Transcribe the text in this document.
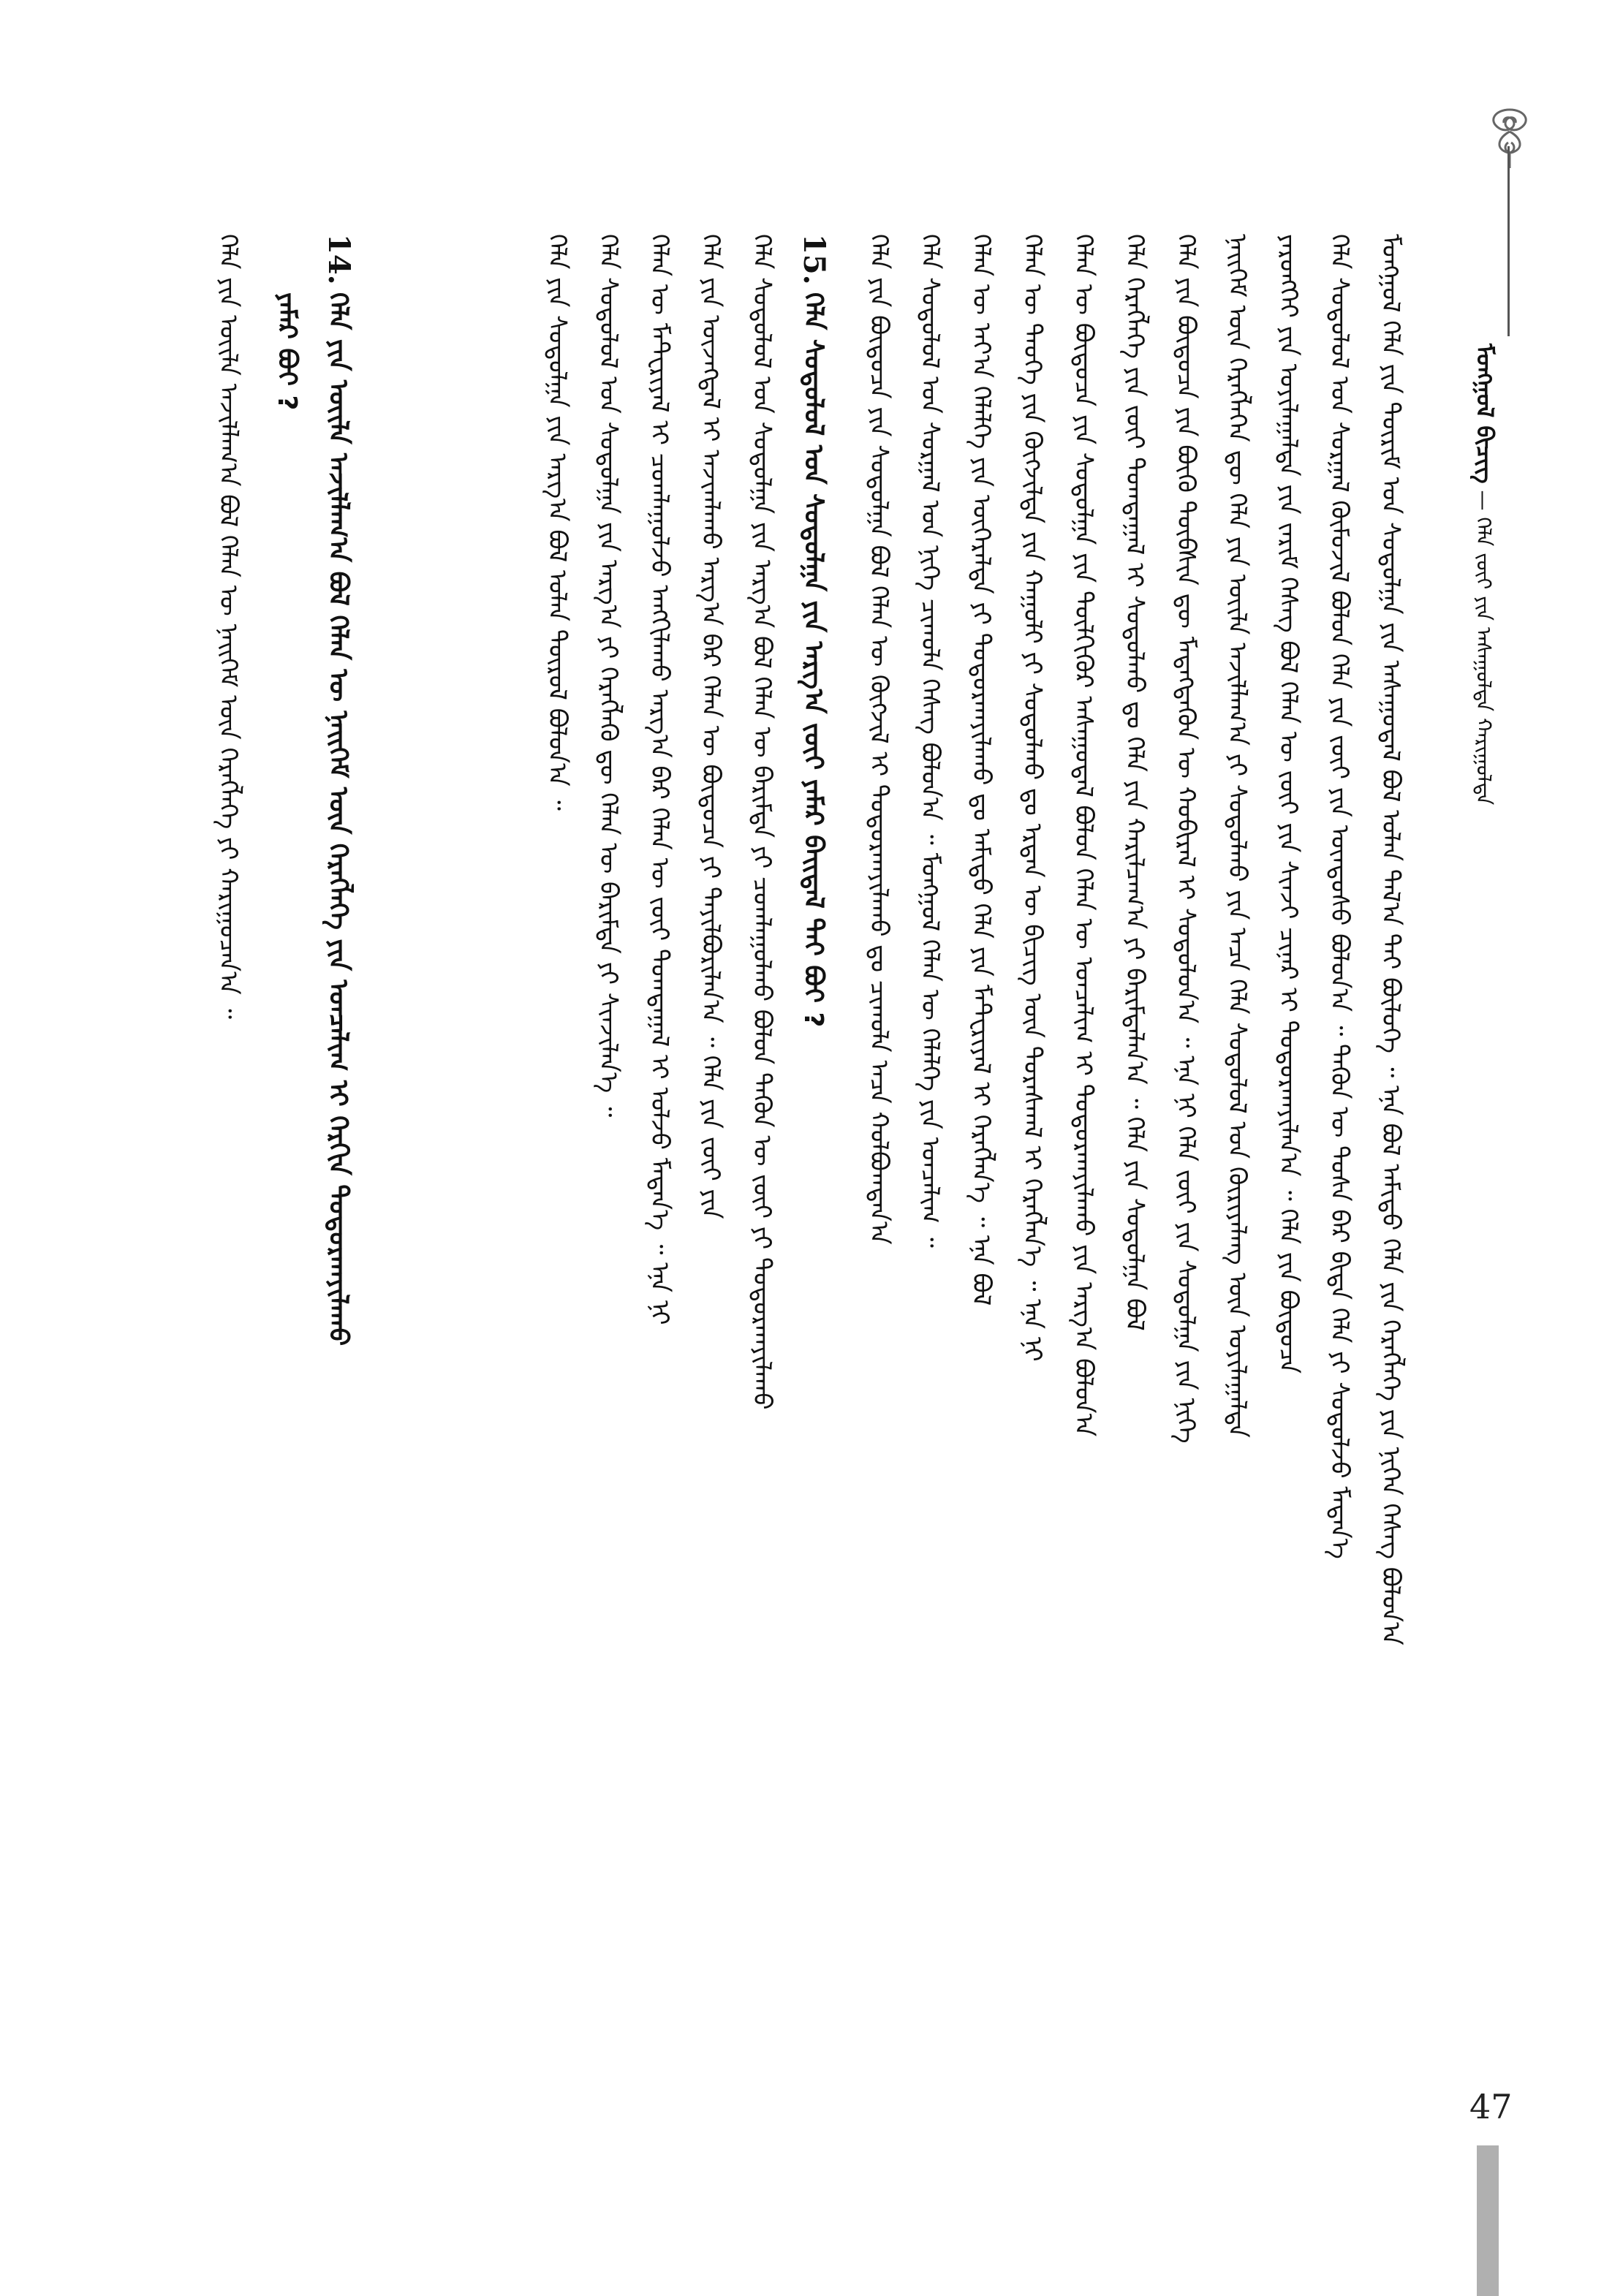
ᠮᠣᠩᠭᠣᠯ ᠪᠢᠴᠢᠭ᠌ — ᠬᠡᠯᠡ ᠵᠦᠢ ᠶᠢᠨ ᠠᠰᠠᠭᠤᠯᠲᠠ ᠬᠠᠷᠢᠭᠤᠯᠲᠠ
ᠮᠣᠩᠭᠣᠯ ᠬᠡᠯᠡ ᠶᠢᠨ ᠳᠦᠷᠢᠮ ᠤᠨ ᠰᠤᠳᠤᠯᠭᠠ ᠶᠢᠨ ᠠᠰᠠᠭᠤᠳᠠᠯ ᠪᠣᠯ ᠣᠯᠠᠨ ᠲᠠᠯ᠎ᠠ ᠲᠠᠢ ᠪᠦᠯᠦᠭᠡ ᠃ ᠡᠨᠡ ᠪᠣᠯ ᠠᠮᠢᠳᠤ ᠬᠡᠯᠡ ᠶᠢᠨ ᠬᠡᠷᠡᠭᠯᠡᠭᠡ ᠶᠢᠨ ᠨᠢᠭᠡᠨ ᠬᠡᠰᠡᠭ ᠪᠣᠯᠤᠨ᠎ᠠ
ᠬᠡᠯᠡ ᠰᠤᠳᠤᠯᠤᠯ ᠤᠨ ᠰᠤᠷᠭᠠᠯ ᠬᠦᠮᠦᠵᠢᠯ ᠪᠣᠯᠤᠨ ᠬᠡᠯᠡ ᠶᠢᠨ ᠵᠦᠢ ᠶᠢᠨ ᠦᠨᠳᠦᠰᠦ ᠪᠣᠯᠤᠨ᠎ᠠ ᠃ ᠲᠡᠭᠦᠨ ᠦ ᠲᠤᠰᠠ ᠪᠠᠷ ᠪᠢᠳᠡ ᠬᠡᠯᠡ ᠶᠢ ᠰᠤᠳᠤᠯᠵᠤ ᠮᠡᠳᠡᠨ᠎ᠡ
ᠶᠡᠷᠦᠩᠬᠡᠢ ᠶᠢᠨ ᠣᠶᠢᠯᠠᠭᠠᠯᠲᠠ ᠶᠢᠨ ᠵᠠᠷᠢᠮ ᠬᠡᠰᠡᠭ ᠪᠣᠯ ᠬᠡᠯᠡᠨ ᠦ ᠵᠦᠢ ᠶᠢᠨ ᠰᠢᠨᠵᠢ ᠴᠢᠨᠠᠷ ᠢ ᠲᠣᠳᠤᠷᠬᠠᠶᠢᠯᠠᠨ᠎ᠠ ᠃ ᠬᠡᠯᠡ ᠶᠢᠨ ᠪᠦᠲᠦᠴᠡ
ᠨᠡᠢᠭᠡᠮ ᠦᠨ ᠬᠡᠷᠡᠭᠯᠡᠭᠡᠨ ᠳᠦ ᠬᠡᠯᠡ ᠶᠢᠨ ᠦᠢᠯᠡ ᠠᠵᠢᠯᠯᠠᠭ᠎ᠠ ᠶᠢ ᠰᠤᠳᠤᠯᠬᠤ ᠶᠢᠨ ᠠᠴᠠ ᠬᠡᠯᠡ ᠰᠤᠳᠤᠯᠤᠯ ᠤᠨ ᠬᠦᠷᠢᠶᠡᠯᠡᠩ ᠦᠨ ᠣᠶᠢᠯᠠᠭᠠᠯᠲᠠ
ᠬᠡᠯᠡ ᠶᠢᠨ ᠪᠦᠲᠦᠴᠡ ᠶᠢᠨ ᠪᠦᠬᠦ ᠲᠦᠪᠰᠢᠨ ᠳᠦ ᠮᠡᠳᠡᠭᠳᠡᠬᠦᠨ ᠦ ᠬᠤᠪᠢᠷᠠᠯ ᠢ ᠰᠤᠳᠤᠯᠤᠨ᠎ᠠ ᠃ ᠡᠨᠡ ᠨᠢ ᠬᠡᠯᠡ ᠵᠦᠢ ᠶᠢᠨ ᠰᠤᠳᠤᠯᠭᠠ ᠶᠢᠨ ᠨᠢᠭᠡ
ᠬᠡᠯᠡ ᠬᠡᠷᠡᠭᠯᠡᠭᠡ ᠶᠢᠨ ᠵᠦᠢ ᠲᠣᠭᠲᠠᠭᠠᠯ ᠢ ᠰᠤᠳᠤᠯᠬᠤ ᠳᠤ ᠬᠡᠯᠡ ᠶᠢᠨ ᠬᠠᠷᠢᠯᠴᠠᠭ᠎ᠠ ᠶᠢ ᠪᠠᠷᠢᠮᠲᠠᠯᠠᠨ᠎ᠠ ᠃ ᠬᠡᠯᠡ ᠶᠢᠨ ᠰᠤᠳᠤᠯᠭᠠ ᠪᠣᠯ
ᠬᠡᠯᠡᠨ ᠦ ᠪᠦᠲᠦᠴᠡ ᠶᠢᠨ ᠰᠤᠳᠤᠯᠭᠠ ᠶᠢᠨ ᠲᠦᠯᠬᠢᠭᠦᠷ ᠠᠰᠠᠭᠤᠳᠠᠯ ᠪᠣᠯᠤᠨ ᠬᠡᠯᠡᠨ ᠦ ᠣᠨᠴᠠᠯᠢᠭ ᠢ ᠲᠣᠳᠤᠷᠬᠠᠶᠢᠯᠠᠬᠤ ᠶᠢᠨ ᠠᠷᠭ᠎ᠠ ᠪᠣᠯᠤᠨ᠎ᠠ
ᠬᠡᠯᠡᠨ ᠦ ᠲᠡᠦᠬᠡ ᠶᠢᠨ ᠬᠥᠭᠵᠢᠯᠲᠡ ᠶᠢᠨ ᠬᠠᠭᠤᠯᠢ ᠶᠢ ᠰᠤᠳᠤᠯᠬᠤ ᠳᠤ ᠡᠷᠲᠡᠨ ᠦ ᠪᠢᠴᠢᠭ ᠦᠨ ᠳᠤᠷᠠᠰᠬᠠᠯ ᠢ ᠬᠡᠷᠡᠭᠯᠡᠨ᠎ᠡ ᠃ ᠡᠨᠡ ᠨᠢ
ᠬᠡᠯᠡᠨ ᠦ ᠠᠶ᠎ᠠ ᠬᠡᠯᠡᠯᠭᠡ ᠶᠢᠨ ᠥᠭᠡᠷᠡᠯᠲᠡ ᠶᠢ ᠲᠣᠳᠤᠷᠬᠠᠶᠢᠯᠠᠬᠤ ᠳᠤ ᠠᠮᠢᠳᠤ ᠬᠡᠯᠡ ᠶᠢᠨ ᠮᠠᠲ᠋ᠸᠷᠢᠶᠠᠯ ᠢ ᠬᠡᠷᠡᠭᠯᠡᠨ᠎ᠡ ᠃ ᠡᠨᠡ ᠪᠣᠯ
ᠬᠡᠯᠡ ᠰᠤᠳᠤᠯᠤᠯ ᠤᠨ ᠰᠤᠷᠭᠠᠯ ᠤᠨ ᠨᠢᠭᠡ ᠴᠢᠬᠤᠯᠠ ᠬᠡᠰᠡᠭ ᠪᠣᠯᠤᠨ᠎ᠠ ᠃ ᠮᠣᠩᠭᠣᠯ ᠬᠡᠯᠡᠨ ᠦ ᠬᠡᠯᠡᠯᠭᠡ ᠶᠢᠨ ᠣᠨᠴᠠᠯᠢᠭ ᠃
ᠬᠡᠯᠡ ᠶᠢᠨ ᠪᠦᠲᠦᠴᠡ ᠶᠢᠨ ᠰᠤᠳᠤᠯᠭᠠ ᠪᠣᠯ ᠬᠡᠯᠡᠨ ᠦ ᠬᠥᠭᠵᠢᠯ ᠢ ᠲᠣᠳᠤᠷᠬᠠᠶᠢᠯᠠᠬᠤ ᠳᠤ ᠴᠢᠬᠤᠯᠠ ᠠᠴᠠ ᠬᠣᠯᠪᠣᠭᠳᠠᠨ᠎ᠠ
15.
ᠬᠡᠯᠡ ᠰᠤᠳᠤᠯᠤᠯ ᠤᠨ ᠰᠤᠳᠤᠯᠭᠠ ᠶᠢᠨ ᠠᠷᠭ᠎ᠠ ᠵᠦᠢ ᠶᠠᠮᠠᠷ ᠪᠠᠢᠳᠠᠯ ᠲᠠᠢ ᠪᠤᠢ ?
ᠬᠡᠯᠡ ᠰᠤᠳᠤᠯᠤᠯ ᠤᠨ ᠰᠤᠳᠤᠯᠭᠠ ᠶᠢᠨ ᠠᠷᠭ᠎ᠠ ᠪᠣᠯ ᠬᠡᠯᠡᠨ ᠦ ᠪᠠᠷᠢᠮᠲᠠ ᠶᠢ ᠴᠤᠭᠯᠠᠭᠤᠯᠬᠤ ᠪᠣᠯᠤᠨ ᠲᠡᠭᠦᠨ ᠦ ᠵᠦᠢ ᠶᠢ ᠲᠣᠳᠤᠷᠬᠠᠶᠢᠯᠠᠬᠤ
ᠬᠡᠯᠡ ᠶᠢᠨ ᠦᠵᠡᠭᠳᠡᠯ ᠢ ᠠᠵᠢᠭᠯᠠᠬᠤ ᠠᠷᠭ᠎ᠠ ᠪᠠᠷ ᠬᠡᠯᠡᠨ ᠦ ᠪᠦᠲᠦᠴᠡ ᠶᠢ ᠲᠠᠶᠢᠯᠪᠤᠷᠢᠯᠠᠨ᠎ᠠ ᠃ ᠬᠡᠯᠡ ᠶᠢᠨ ᠵᠦᠢ ᠶᠢᠨ
ᠬᠡᠯᠡᠨ ᠦ ᠮᠠᠲ᠋ᠸᠷᠢᠶᠠᠯ ᠢ ᠴᠤᠭᠯᠠᠭᠤᠯᠵᠤ ᠠᠩᠭᠢᠯᠠᠬᠤ ᠠᠷᠭ᠎ᠠ ᠪᠠᠷ ᠬᠡᠯᠡᠨ ᠦ ᠵᠦᠢ ᠲᠣᠭᠲᠠᠭᠠᠯ ᠢ ᠣᠯᠵᠤ ᠮᠡᠳᠡᠨ᠎ᠡ ᠃ ᠡᠨᠡ ᠨᠢ
ᠬᠡᠯᠡ ᠰᠤᠳᠤᠯᠤᠯ ᠤᠨ ᠰᠤᠳᠤᠯᠭᠠ ᠶᠢᠨ ᠠᠷᠭ᠎ᠠ ᠶᠢ ᠬᠡᠷᠡᠭᠯᠡᠬᠦ ᠳᠦ ᠬᠡᠯᠡᠨ ᠦ ᠪᠠᠷᠢᠮᠲᠠ ᠶᠢ ᠰᠢᠨᠵᠢᠯᠡᠨ᠎ᠡ ᠃
ᠬᠡᠯᠡ ᠶᠢᠨ ᠰᠤᠳᠤᠯᠭᠠ ᠶᠢᠨ ᠠᠷᠭ᠎ᠠ ᠪᠣᠯ ᠣᠯᠠᠨ ᠲᠦᠷᠦᠯ ᠪᠣᠯᠤᠨ᠎ᠠ ᠃
14.
ᠬᠡᠯᠡ ᠶᠢᠨ ᠦᠢᠯᠡ ᠠᠵᠢᠯᠯᠠᠭ᠎ᠠ ᠪᠣᠯ ᠬᠡᠯᠡᠨ ᠦ ᠨᠡᠢᠭᠡᠮ ᠦᠨ ᠬᠡᠷᠡᠭᠯᠡᠭᠡ ᠶᠢᠨ ᠣᠨᠴᠠᠯᠢᠭ ᠢ ᠬᠡᠷᠬᠢᠨ ᠲᠣᠳᠤᠷᠬᠠᠶᠢᠯᠠᠬᠤ
ᠶᠠᠮᠠᠷ ᠪᠤᠢ ?
ᠬᠡᠯᠡ ᠶᠢᠨ ᠦᠢᠯᠡ ᠠᠵᠢᠯᠯᠠᠭ᠎ᠠ ᠪᠣᠯ ᠬᠡᠯᠡᠨ ᠦ ᠨᠡᠢᠭᠡᠮ ᠦᠨ ᠬᠡᠷᠡᠭᠯᠡᠭᠡ ᠶᠢ ᠬᠠᠷᠢᠭᠤᠴᠠᠨ᠎ᠠ ᠃
47
